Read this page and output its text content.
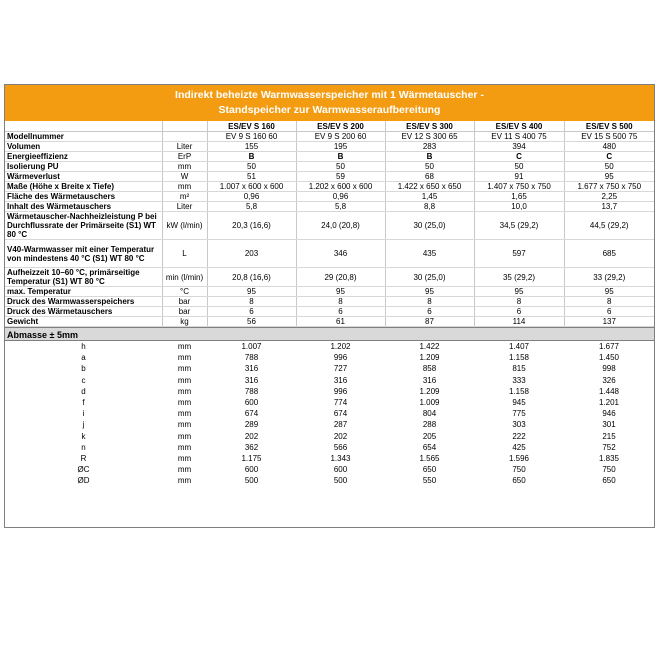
Indirekt beheizte Warmwasserspeicher mit 1 Wärmetauscher -
Standspeicher zur Warmwasseraufbereitung
		ES/EV S 160	ES/EV S 200	ES/EV S 300	ES/EV S 400	ES/EV S 500
Modellnummer		EV 9 S 160 60	EV 9 S 200 60	EV 12 S 300 65	EV 11 S 400 75	EV 15 S 500 75
Volumen	Liter	155	195	283	394	480
Energieeffizienz	ErP	B	B	B	C	C
Isolierung PU	mm	50	50	50	50	50
Wärmeverlust	W	51	59	68	91	95
Maße (Höhe x Breite x Tiefe)	mm	1.007 x 600 x 600	1.202 x 600 x 600	1.422 x 650 x 650	1.407 x 750 x 750	1.677 x 750 x 750
Fläche des Wärmetauschers	m²	0,96	0,96	1,45	1,65	2,25
Inhalt des Wärmetauschers	Liter	5,8	5,8	8,8	10,0	13,7
Wärmetauscher-Nachheizleistung P bei Durchflussrate der Primärseite (S1) WT 80 °C	kW (l/min)	20,3 (16,6)	24,0 (20,8)	30 (25,0)	34,5 (29,2)	44,5 (29,2)
V40-Warmwasser mit einer Temperatur von mindestens 40 °C (S1) WT 80 °C	L	203	346	435	597	685
Aufheizzeit 10–60 °C, primärseitige Temperatur (S1) WT 80 °C	min (l/min)	20,8 (16,6)	29 (20,8)	30 (25,0)	35 (29,2)	33 (29,2)
max. Temperatur	°C	95	95	95	95	95
Druck des Warmwasserspeichers	bar	8	8	8	8	8
Druck des Wärmetauschers	bar	6	6	6	6	6
Gewicht	kg	56	61	87	114	137
Abmasse ± 5mm
h	mm	1.007	1.202	1.422	1.407	1.677
a	mm	788	996	1.209	1.158	1.450
b	mm	316	727	858	815	998
c	mm	316	316	316	333	326
d	mm	788	996	1.209	1.158	1.448
f	mm	600	774	1.009	945	1.201
i	mm	674	674	804	775	946
j	mm	289	287	288	303	301
k	mm	202	202	205	222	215
n	mm	362	566	654	425	752
R	mm	1.175	1.343	1.565	1.596	1.835
ØC	mm	600	600	650	750	750
ØD	mm	500	500	550	650	650
